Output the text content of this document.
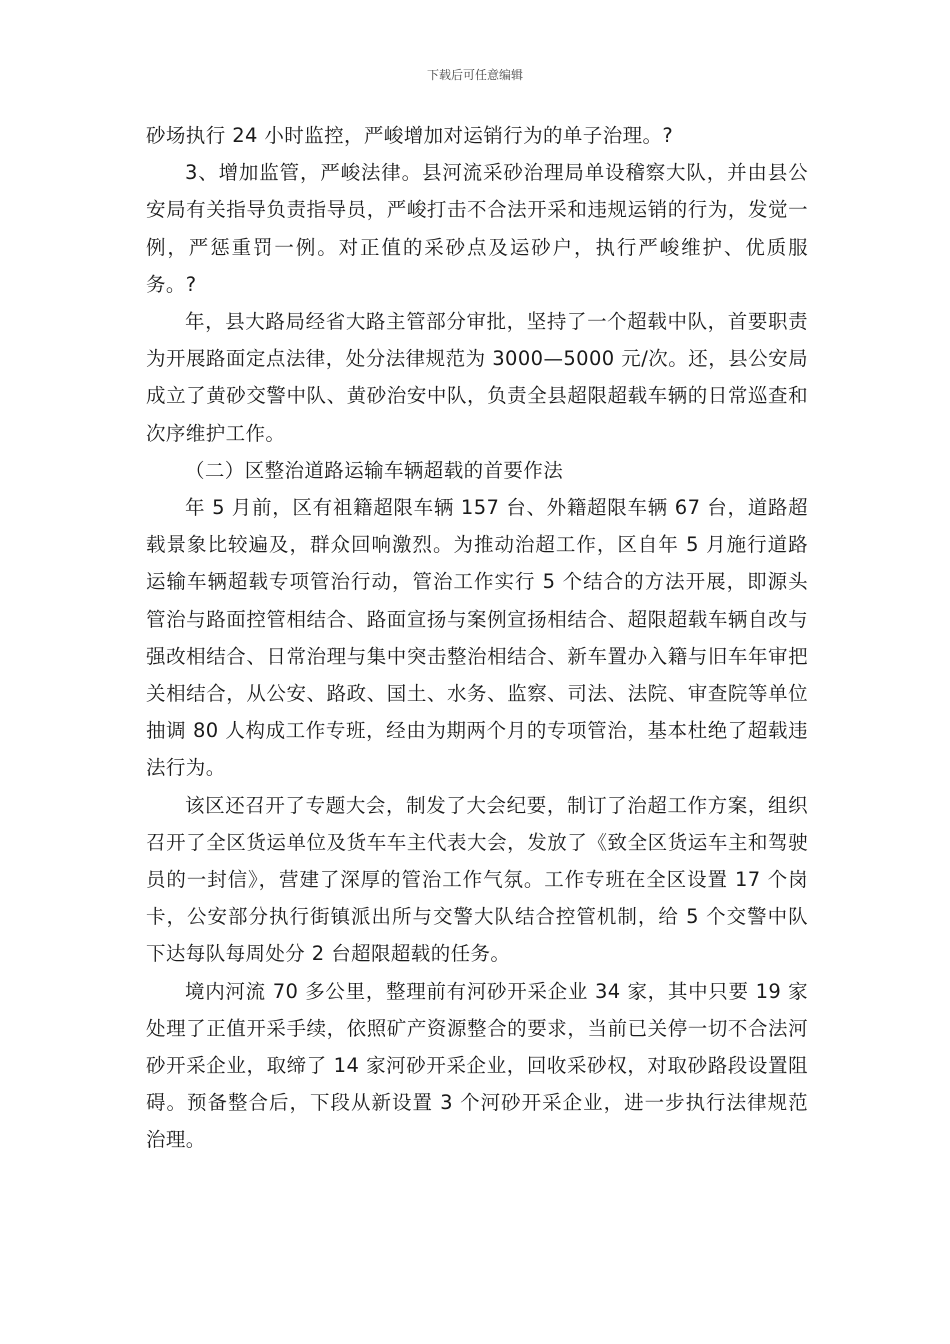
下载后可任意编辑

砂场执行 24 小时监控，严峻增加对运销行为的单子治理。?

3、增加监管，严峻法律。县河流采砂治理局单设稽察大队，并由县公安局有关指导负责指导员，严峻打击不合法开采和违规运销的行为，发觉一例，严惩重罚一例。对正值的采砂点及运砂户，执行严峻维护、优质服务。?

年，县大路局经省大路主管部分审批，坚持了一个超载中队，首要职责为开展路面定点法律，处分法律规范为 3000—5000 元/次。还，县公安局成立了黄砂交警中队、黄砂治安中队，负责全县超限超载车辆的日常巡查和次序维护工作。

（二）区整治道路运输车辆超载的首要作法

年 5 月前，区有祖籍超限车辆 157 台、外籍超限车辆 67 台，道路超载景象比较遍及，群众回响激烈。为推动治超工作，区自年 5 月施行道路运输车辆超载专项管治行动，管治工作实行 5 个结合的方法开展，即源头管治与路面控管相结合、路面宣扬与案例宣扬相结合、超限超载车辆自改与强改相结合、日常治理与集中突击整治相结合、新车置办入籍与旧车年审把关相结合，从公安、路政、国土、水务、监察、司法、法院、审查院等单位抽调 80 人构成工作专班，经由为期两个月的专项管治，基本杜绝了超载违法行为。

该区还召开了专题大会，制发了大会纪要，制订了治超工作方案，组织召开了全区货运单位及货车车主代表大会，发放了《致全区货运车主和驾驶员的一封信》，营建了深厚的管治工作气氛。工作专班在全区设置 17 个岗卡，公安部分执行街镇派出所与交警大队结合控管机制，给 5 个交警中队下达每队每周处分 2 台超限超载的任务。

境内河流 70 多公里，整理前有河砂开采企业 34 家，其中只要 19 家处理了正值开采手续，依照矿产资源整合的要求，当前已关停一切不合法河砂开采企业，取缔了 14 家河砂开采企业，回收采砂权，对取砂路段设置阻碍。预备整合后，下段从新设置 3 个河砂开采企业，进一步执行法律规范治理。
